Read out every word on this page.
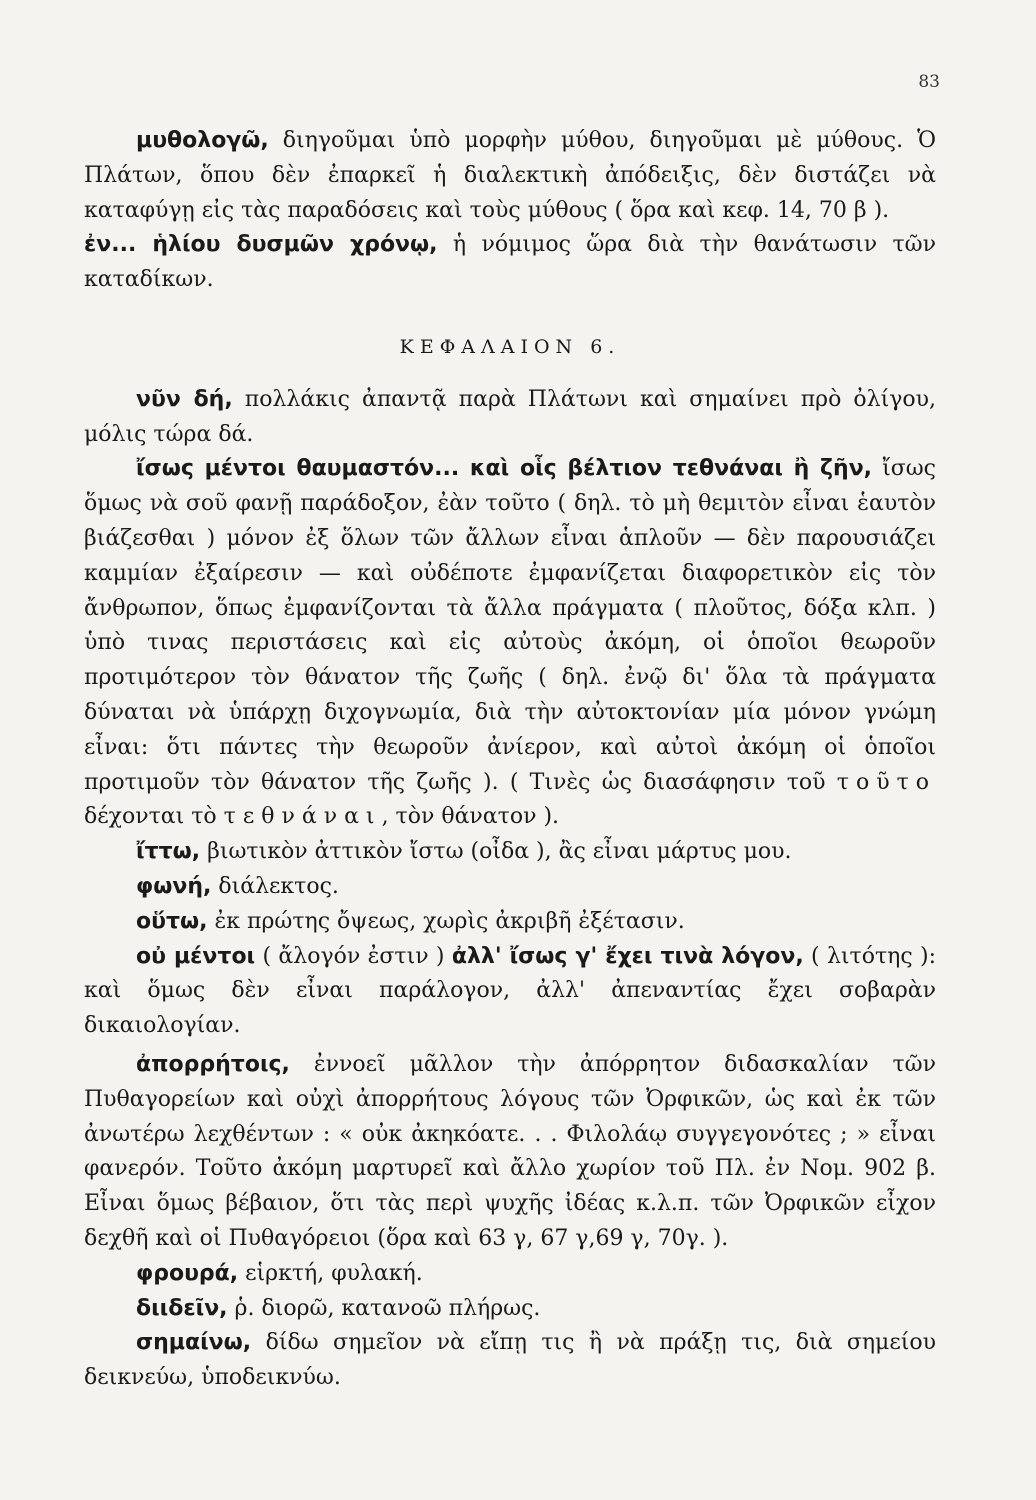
83

μυθολογῶ, διηγοῦμαι ὑπὸ μορφὴν μύθου, διηγοῦμαι μὲ μύθους. Ὁ Πλάτων, ὅπου δὲν ἐπαρκεῖ ἡ διαλεκτικὴ ἀπόδειξις, δὲν διστάζει νὰ καταφύγῃ εἰς τὰς παραδόσεις καὶ τοὺς μύθους ( ὅρα καὶ κεφ. 14, 70 β ).

ἐν... ἡλίου δυσμῶν χρόνῳ, ἡ νόμιμος ὥρα διὰ τὴν θανάτωσιν τῶν καταδίκων.

ΚΕΦΑΛΑΙΟΝ 6.

νῦν δή, πολλάκις ἀπαντᾷ παρὰ Πλάτωνι καὶ σημαίνει πρὸ ὀλίγου, μόλις τώρα δά.

ἴσως μέντοι θαυμαστόν... καὶ οἷς βέλτιον τεθνάναι ἢ ζῆν, ἴσως ὅμως νὰ σοῦ φανῇ παράδοξον, ἐὰν τοῦτο ( δηλ. τὸ μὴ θεμιτὸν εἶναι ἑαυτὸν βιάζεσθαι ) μόνον ἐξ ὅλων τῶν ἄλλων εἶναι ἁπλοῦν — δὲν παρουσιάζει καμμίαν ἐξαίρεσιν — καὶ οὐδέποτε ἐμφανίζεται διαφορετικὸν εἰς τὸν ἄνθρωπον, ὅπως ἐμφανίζονται τὰ ἄλλα πράγματα ( πλοῦτος, δόξα κλπ. ) ὑπὸ τινας περιστάσεις καὶ εἰς αὐτοὺς ἀκόμη, οἱ ὁποῖοι θεωροῦν προτιμότερον τὸν θάνατον τῆς ζωῆς ( δηλ. ἐνῷ δι' ὅλα τὰ πράγματα δύναται νὰ ὑπάρχῃ διχογνωμία, διὰ τὴν αὐτοκτονίαν μία μόνον γνώμη εἶναι: ὅτι πάντες τὴν θεωροῦν ἀνίερον, καὶ αὐτοὶ ἀκόμη οἱ ὁποῖοι προτιμοῦν τὸν θάνατον τῆς ζωῆς ). ( Τινὲς ὡς διασάφησιν τοῦ τοῦτο δέχονται τὸ τεθνάναι, τὸν θάνατον ).

ἴττω, βιωτικὸν ἀττικὸν ἴστω (οἶδα ), ἂς εἶναι μάρτυς μου.

φωνή, διάλεκτος.

οὕτω, ἐκ πρώτης ὄψεως, χωρὶς ἀκριβῆ ἐξέτασιν.

οὐ μέντοι ( ἄλογόν ἐστιν ) ἀλλ' ἴσως γ' ἔχει τινὰ λόγον, ( λιτότης ): καὶ ὅμως δὲν εἶναι παράλογον, ἀλλ' ἀπεναντίας ἔχει σοβαρὰν δικαιολογίαν.

ἀπορρήτοις, ἐννοεῖ μᾶλλον τὴν ἀπόρρητον διδασκαλίαν τῶν Πυθαγορείων καὶ οὐχὶ ἀπορρήτους λόγους τῶν Ὀρφικῶν, ὡς καὶ ἐκ τῶν ἀνωτέρω λεχθέντων : « οὐκ ἀκηκόατε. . . Φιλολάῳ συγγεγονότες ; » εἶναι φανερόν. Τοῦτο ἀκόμη μαρτυρεῖ καὶ ἄλλο χωρίον τοῦ Πλ. ἐν Νομ. 902 β. Εἶναι ὅμως βέβαιον, ὅτι τὰς περὶ ψυχῆς ἰδέας κ.λ.π. τῶν Ὀρφικῶν εἶχον δεχθῆ καὶ οἱ Πυθαγόρειοι (ὅρα καὶ 63 γ, 67 γ,69 γ, 70γ. ).

φρουρά, εἱρκτή, φυλακή.

διιδεῖν, ῥ. διορῶ, κατανοῶ πλήρως.

σημαίνω, δίδω σημεῖον νὰ εἴπῃ τις ἢ νὰ πράξῃ τις, διὰ σημείου δεικνεύω, ὑποδεικνύω.
